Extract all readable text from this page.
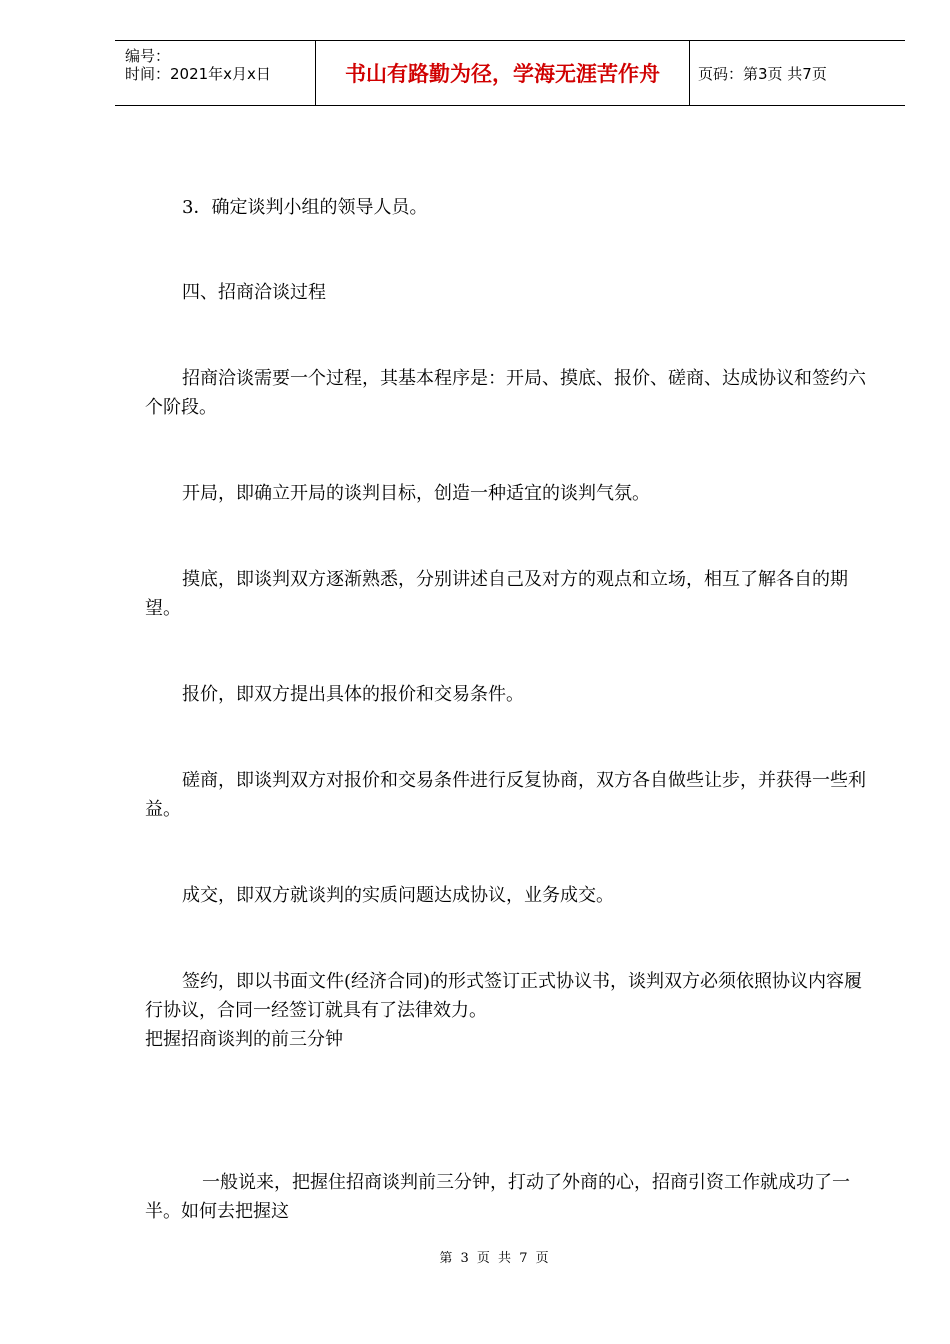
编号：
时间：2021年x月x日	书山有路勤为径，学海无涯苦作舟	页码：第3页 共7页

3．确定谈判小组的领导人员。

四、招商洽谈过程

招商洽谈需要一个过程，其基本程序是：开局、摸底、报价、磋商、达成协议和签约六个阶段。

开局，即确立开局的谈判目标，创造一种适宜的谈判气氛。

摸底，即谈判双方逐渐熟悉，分别讲述自己及对方的观点和立场，相互了解各自的期望。

报价，即双方提出具体的报价和交易条件。

磋商，即谈判双方对报价和交易条件进行反复协商，双方各自做些让步，并获得一些利益。

成交，即双方就谈判的实质问题达成协议，业务成交。

签约，即以书面文件(经济合同)的形式签订正式协议书，谈判双方必须依照协议内容履行协议，合同一经签订就具有了法律效力。

把握招商谈判的前三分钟

一般说来，把握住招商谈判前三分钟，打动了外商的心，招商引资工作就成功了一半。如何去把握这

第 3 页 共 7 页
